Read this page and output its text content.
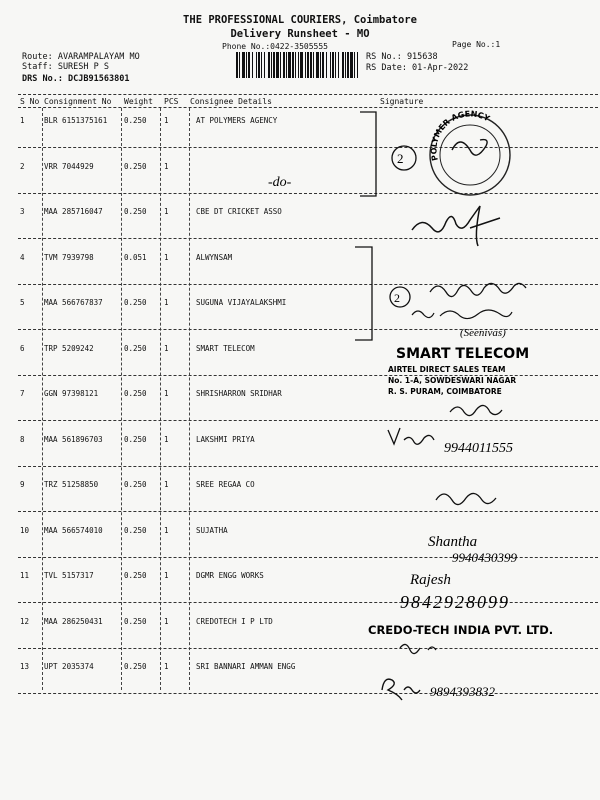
THE PROFESSIONAL COURIERS, Coimbatore
Delivery Runsheet - MO
Phone No.:0422-3505555	Page No.:1
Route: AVARAMPALAYAM MO
Staff: SURESH P S
DRS No.: DCJB91563801
RS No.: 915638
RS Date: 01-Apr-2022
S No Consignment No Weight PCS Consignee Details	Signature
1	BLR 6151375161 0.250 1	AT POLYMERS AGENCY
2	VRR 7044929	0.250 1
3	MAA 285716047	0.250 1	CBE DT CRICKET ASSO
4	TVM 7939798	0.051 1	ALWYNSAM
5	MAA 566767837	0.250 1	SUGUNA VIJAYALAKSHMI
6	TRP 5209242	0.250 1	SMART TELECOM
7	GGN 97398121	0.250 1	SHRISHARRON SRIDHAR
8	MAA 561896703	0.250 1	LAKSHMI PRIYA
9	TRZ 51258850	0.250 1	SREE REGAA CO
10 MAA 566574010	0.250 1	SUJATHA
11 TVL 5157317	0.250 1	DGMR ENGG WORKS
12 MAA 286250431	0.250 1	CREDOTECH I P LTD
13 UPT 2035374	0.250 1	SRI BANNARI AMMAN ENGG
-do-
2
2
POLYMER AGENCY
(Seenivas)
SMART TELECOM
AIRTEL DIRECT SALES TEAM
No. 1-A, SOWDESWARI NAGAR
R. S. PURAM, COIMBATORE
9944011555
Shantha
9940430399
Rajesh
9842928099
CREDO-TECH INDIA PVT. LTD.
9894393832
